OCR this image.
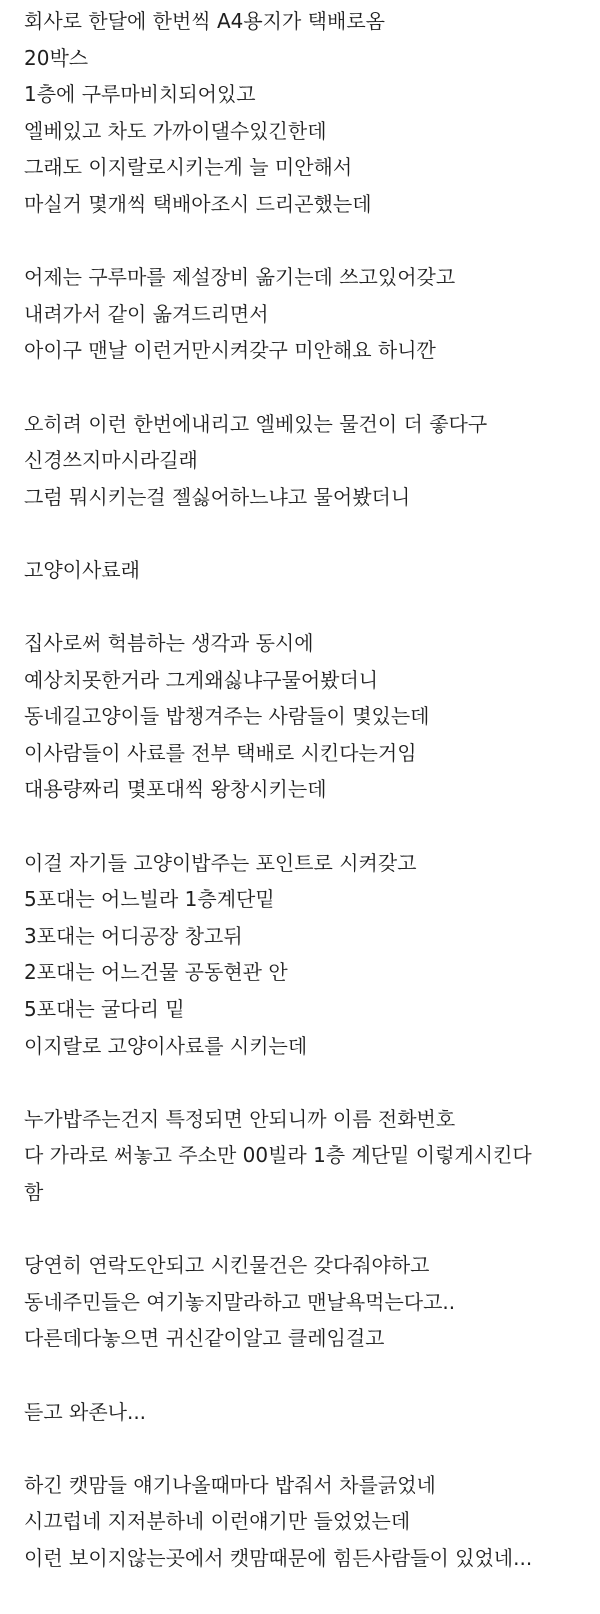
회사로 한달에 한번씩 A4용지가 택배로옴
20박스
1층에 구루마비치되어있고
엘베있고 차도 가까이댈수있긴한데
그래도 이지랄로시키는게 늘 미안해서
마실거 몇개씩 택배아조시 드리곤했는데
어제는 구루마를 제설장비 옮기는데 쓰고있어갖고
내려가서 같이 옮겨드리면서
아이구 맨날 이런거만시켜갖구 미안해요 하니깐
오히려 이런 한번에내리고 엘베있는 물건이 더 좋다구
신경쓰지마시라길래
그럼 뭐시키는걸 젤싫어하느냐고 물어봤더니
고양이사료래
집사로써 헉븜하는 생각과 동시에
예상치못한거라 그게왜싫냐구물어봤더니
동네길고양이들 밥챙겨주는 사람들이 몇있는데
이사람들이 사료를 전부 택배로 시킨다는거임
대용량짜리 몇포대씩 왕창시키는데
이걸 자기들 고양이밥주는 포인트로 시켜갖고
5포대는 어느빌라 1층계단밑
3포대는 어디공장 창고뒤
2포대는 어느건물 공동현관 안
5포대는 굴다리 밑
이지랄로 고양이사료를 시키는데
누가밥주는건지 특정되면 안되니까 이름 전화번호
다 가라로 써놓고 주소만 00빌라 1층 계단밑 이렇게시킨다
함
당연히 연락도안되고 시킨물건은 갖다줘야하고
동네주민들은 여기놓지말라하고 맨날욕먹는다고..
다른데다놓으면 귀신같이알고 클레임걸고
듣고 와존나...
하긴 캣맘들 얘기나올때마다 밥줘서 차를긁었네
시끄럽네 지저분하네 이런얘기만 들었었는데
이런 보이지않는곳에서 캣맘때문에 힘든사람들이 있었네...
